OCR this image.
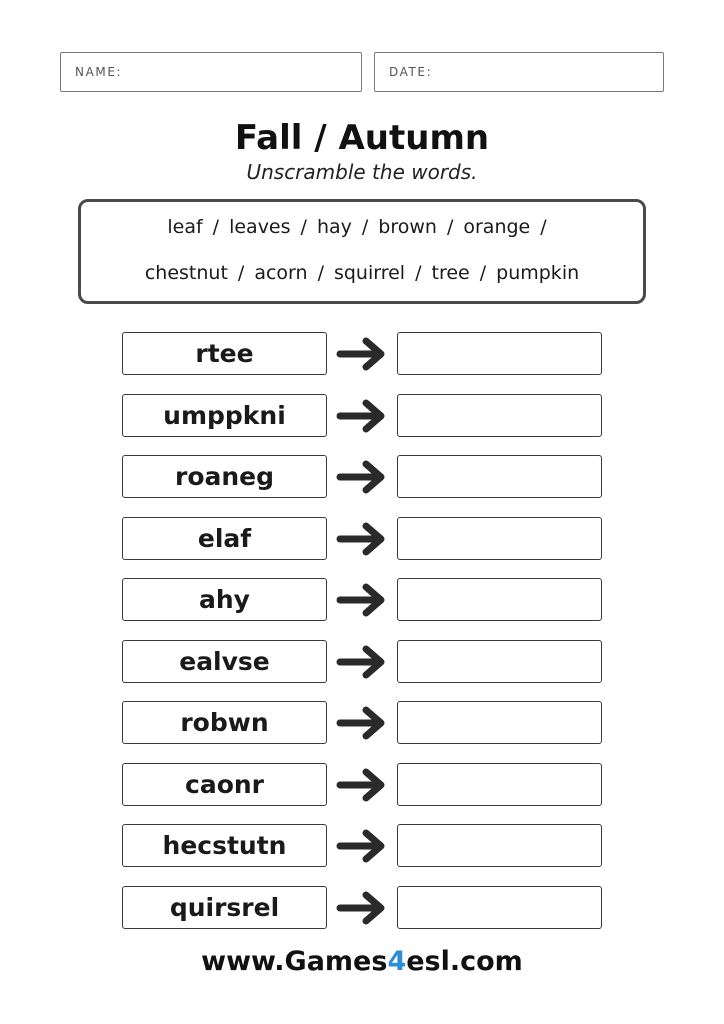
NAME:	DATE:
Fall / Autumn
Unscramble the words.
leaf / leaves / hay / brown / orange /
chestnut / acorn / squirrel / tree / pumpkin
rtee
umppkni
roaneg
elaf
ahy
ealvse
robwn
caonr
hecstutn
quirsrel
www.Games4esl.com
